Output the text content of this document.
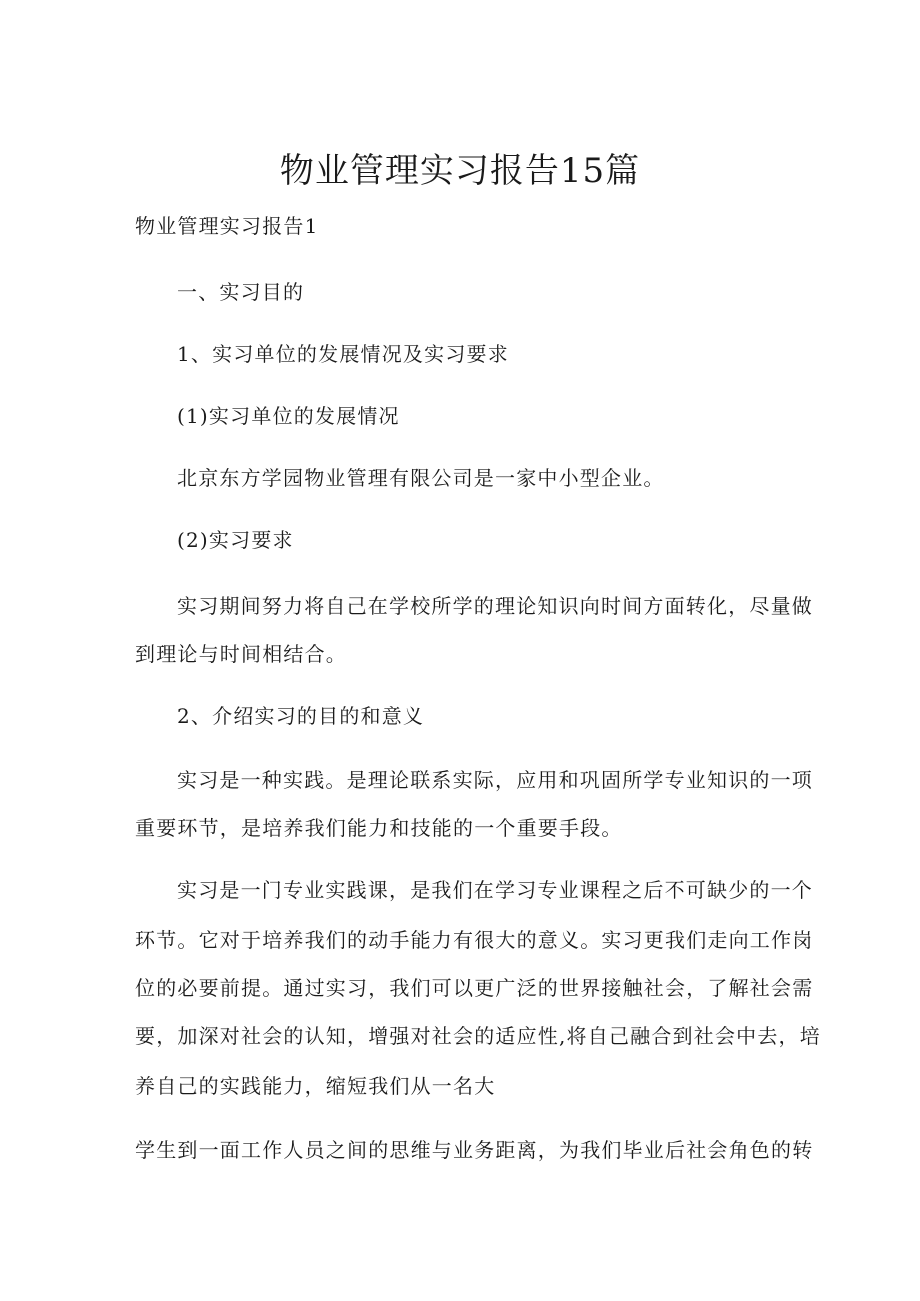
物业管理实习报告15篇

物业管理实习报告1

一、实习目的

1、实习单位的发展情况及实习要求

(1)实习单位的发展情况

北京东方学园物业管理有限公司是一家中小型企业。

(2)实习要求

实习期间努力将自己在学校所学的理论知识向时间方面转化，尽量做

到理论与时间相结合。

2、介绍实习的目的和意义

实习是一种实践。是理论联系实际，应用和巩固所学专业知识的一项

重要环节，是培养我们能力和技能的一个重要手段。

实习是一门专业实践课，是我们在学习专业课程之后不可缺少的一个

环节。它对于培养我们的动手能力有很大的意义。实习更我们走向工作岗

位的必要前提。通过实习，我们可以更广泛的世界接触社会，了解社会需

要，加深对社会的认知，增强对社会的适应性,将自己融合到社会中去，培

养自己的实践能力，缩短我们从一名大

学生到一面工作人员之间的思维与业务距离，为我们毕业后社会角色的转
